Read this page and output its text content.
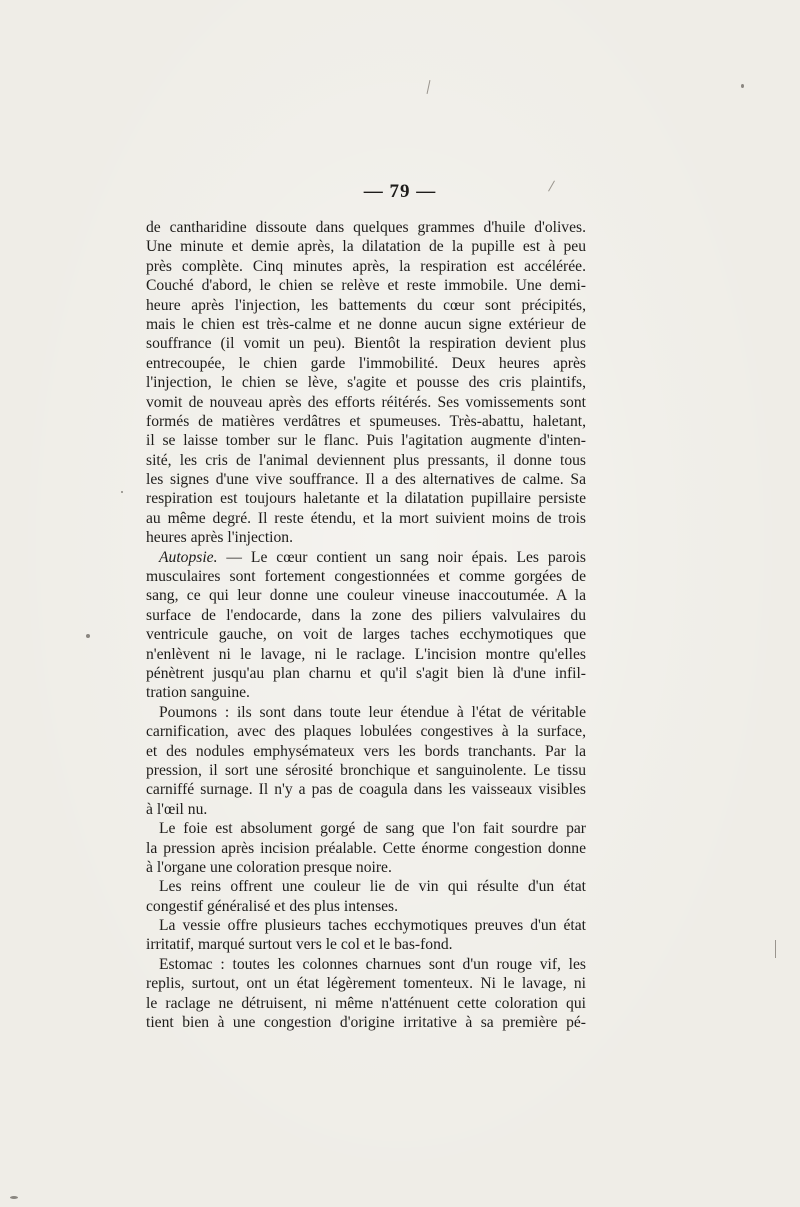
— 79 —
de cantharidine dissoute dans quelques grammes d'huile d'olives.
Une minute et demie après, la dilatation de la pupille est à peu
près complète. Cinq minutes après, la respiration est accélérée.
Couché d'abord, le chien se relève et reste immobile. Une demi-
heure après l'injection, les battements du cœur sont précipités,
mais le chien est très-calme et ne donne aucun signe extérieur de
souffrance (il vomit un peu). Bientôt la respiration devient plus
entrecoupée, le chien garde l'immobilité. Deux heures après
l'injection, le chien se lève, s'agite et pousse des cris plaintifs,
vomit de nouveau après des efforts réitérés. Ses vomissements sont
formés de matières verdâtres et spumeuses. Très-abattu, haletant,
il se laisse tomber sur le flanc. Puis l'agitation augmente d'inten-
sité, les cris de l'animal deviennent plus pressants, il donne tous
les signes d'une vive souffrance. Il a des alternatives de calme. Sa
respiration est toujours haletante et la dilatation pupillaire persiste
au même degré. Il reste étendu, et la mort suivient moins de trois
heures après l'injection.
Autopsie. — Le cœur contient un sang noir épais. Les parois
musculaires sont fortement congestionnées et comme gorgées de
sang, ce qui leur donne une couleur vineuse inaccoutumée. A la
surface de l'endocarde, dans la zone des piliers valvulaires du
ventricule gauche, on voit de larges taches ecchymotiques que
n'enlèvent ni le lavage, ni le raclage. L'incision montre qu'elles
pénètrent jusqu'au plan charnu et qu'il s'agit bien là d'une infil-
tration sanguine.
Poumons : ils sont dans toute leur étendue à l'état de véritable
carnification, avec des plaques lobulées congestives à la surface,
et des nodules emphysémateux vers les bords tranchants. Par la
pression, il sort une sérosité bronchique et sanguinolente. Le tissu
carniffé surnage. Il n'y a pas de coagula dans les vaisseaux visibles
à l'œil nu.
Le foie est absolument gorgé de sang que l'on fait sourdre par
la pression après incision préalable. Cette énorme congestion donne
à l'organe une coloration presque noire.
Les reins offrent une couleur lie de vin qui résulte d'un état
congestif généralisé et des plus intenses.
La vessie offre plusieurs taches ecchymotiques preuves d'un état
irritatif, marqué surtout vers le col et le bas-fond.
Estomac : toutes les colonnes charnues sont d'un rouge vif, les
replis, surtout, ont un état légèrement tomenteux. Ni le lavage, ni
le raclage ne détruisent, ni même n'atténuent cette coloration qui
tient bien à une congestion d'origine irritative à sa première pé-
